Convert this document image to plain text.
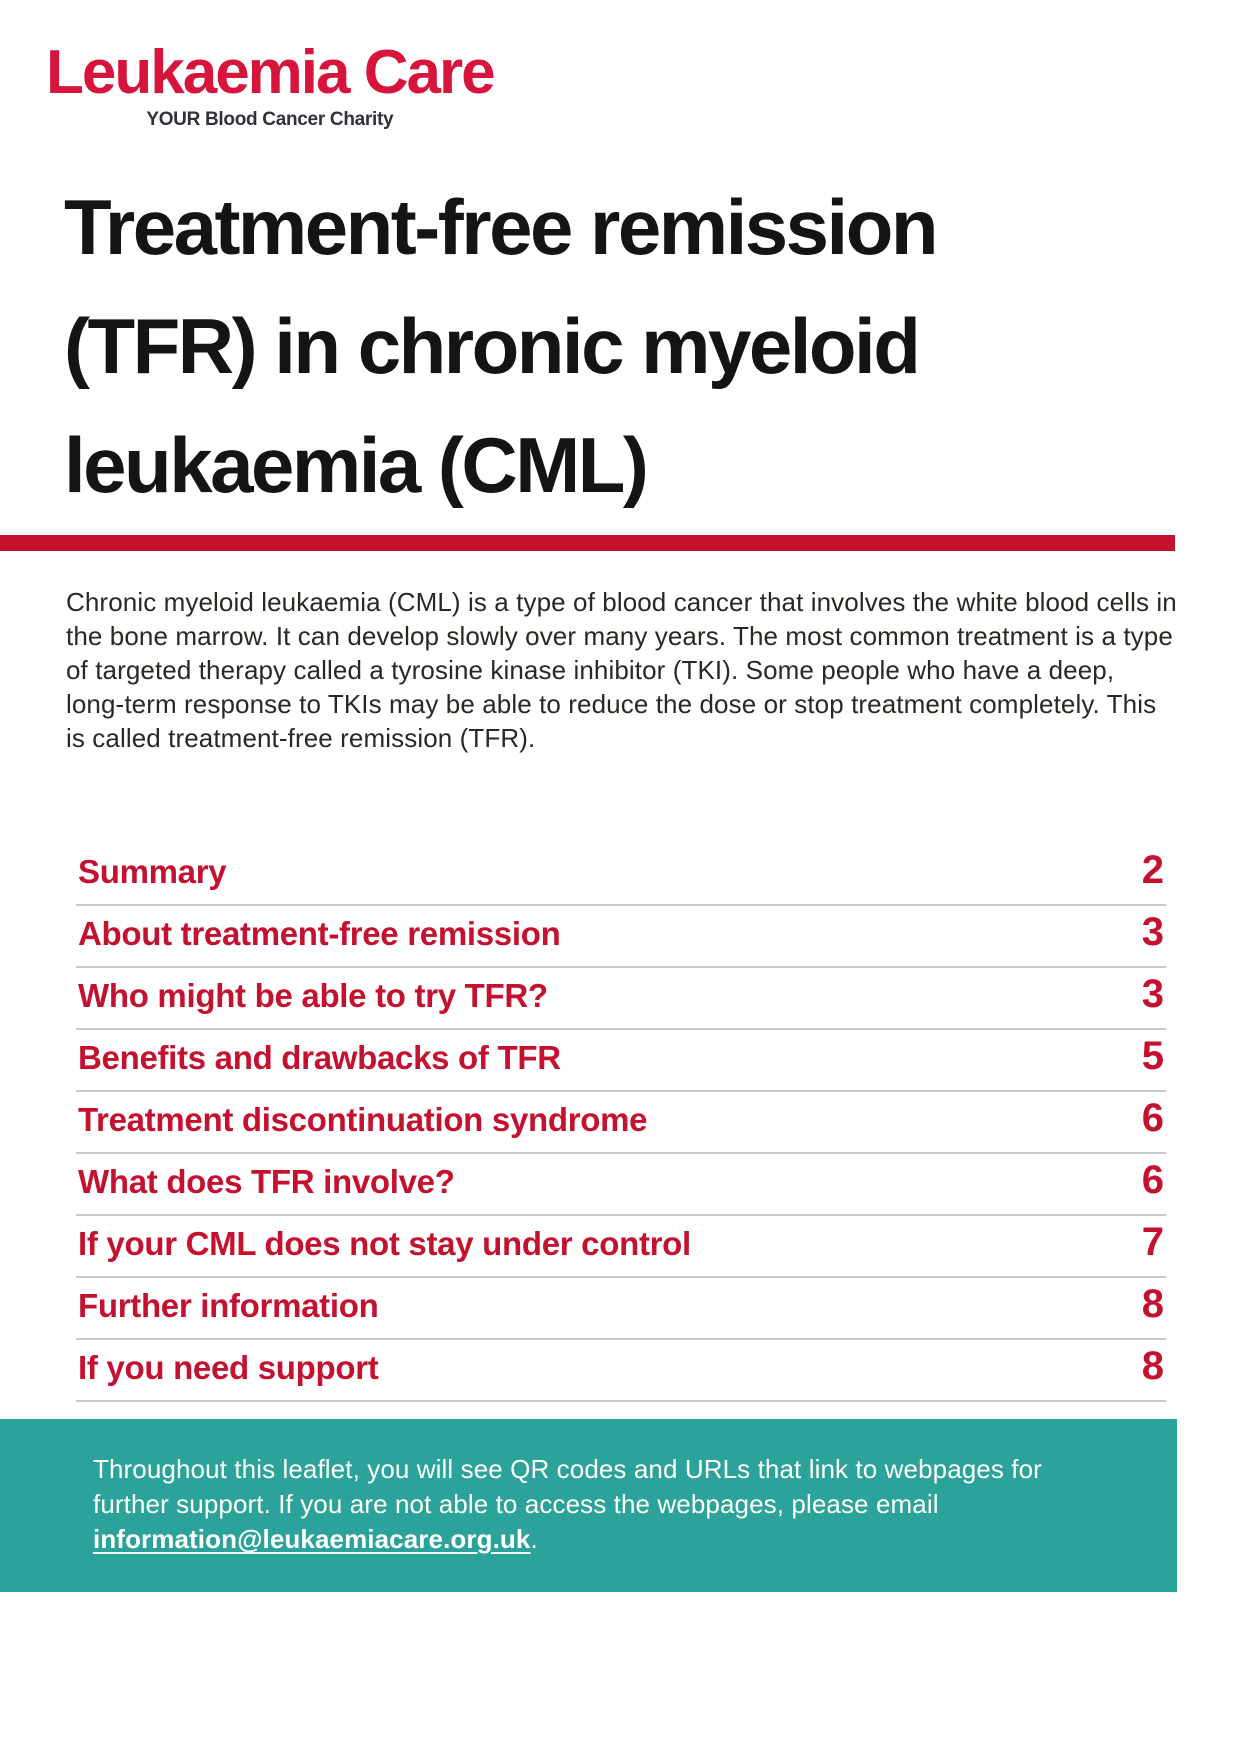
Leukaemia Care
YOUR Blood Cancer Charity
Treatment-free remission
(TFR) in chronic myeloid
leukaemia (CML)

Chronic myeloid leukaemia (CML) is a type of blood cancer that involves the white blood cells in the bone marrow. It can develop slowly over many years. The most common treatment is a type of targeted therapy called a tyrosine kinase inhibitor (TKI). Some people who have a deep, long-term response to TKIs may be able to reduce the dose or stop treatment completely. This is called treatment-free remission (TFR).

Summary	2
About treatment-free remission	3
Who might be able to try TFR?	3
Benefits and drawbacks of TFR	5
Treatment discontinuation syndrome	6
What does TFR involve?	6
If your CML does not stay under control	7
Further information	8
If you need support	8

Throughout this leaflet, you will see QR codes and URLs that link to webpages for further support. If you are not able to access the webpages, please email information@leukaemiacare.org.uk.
